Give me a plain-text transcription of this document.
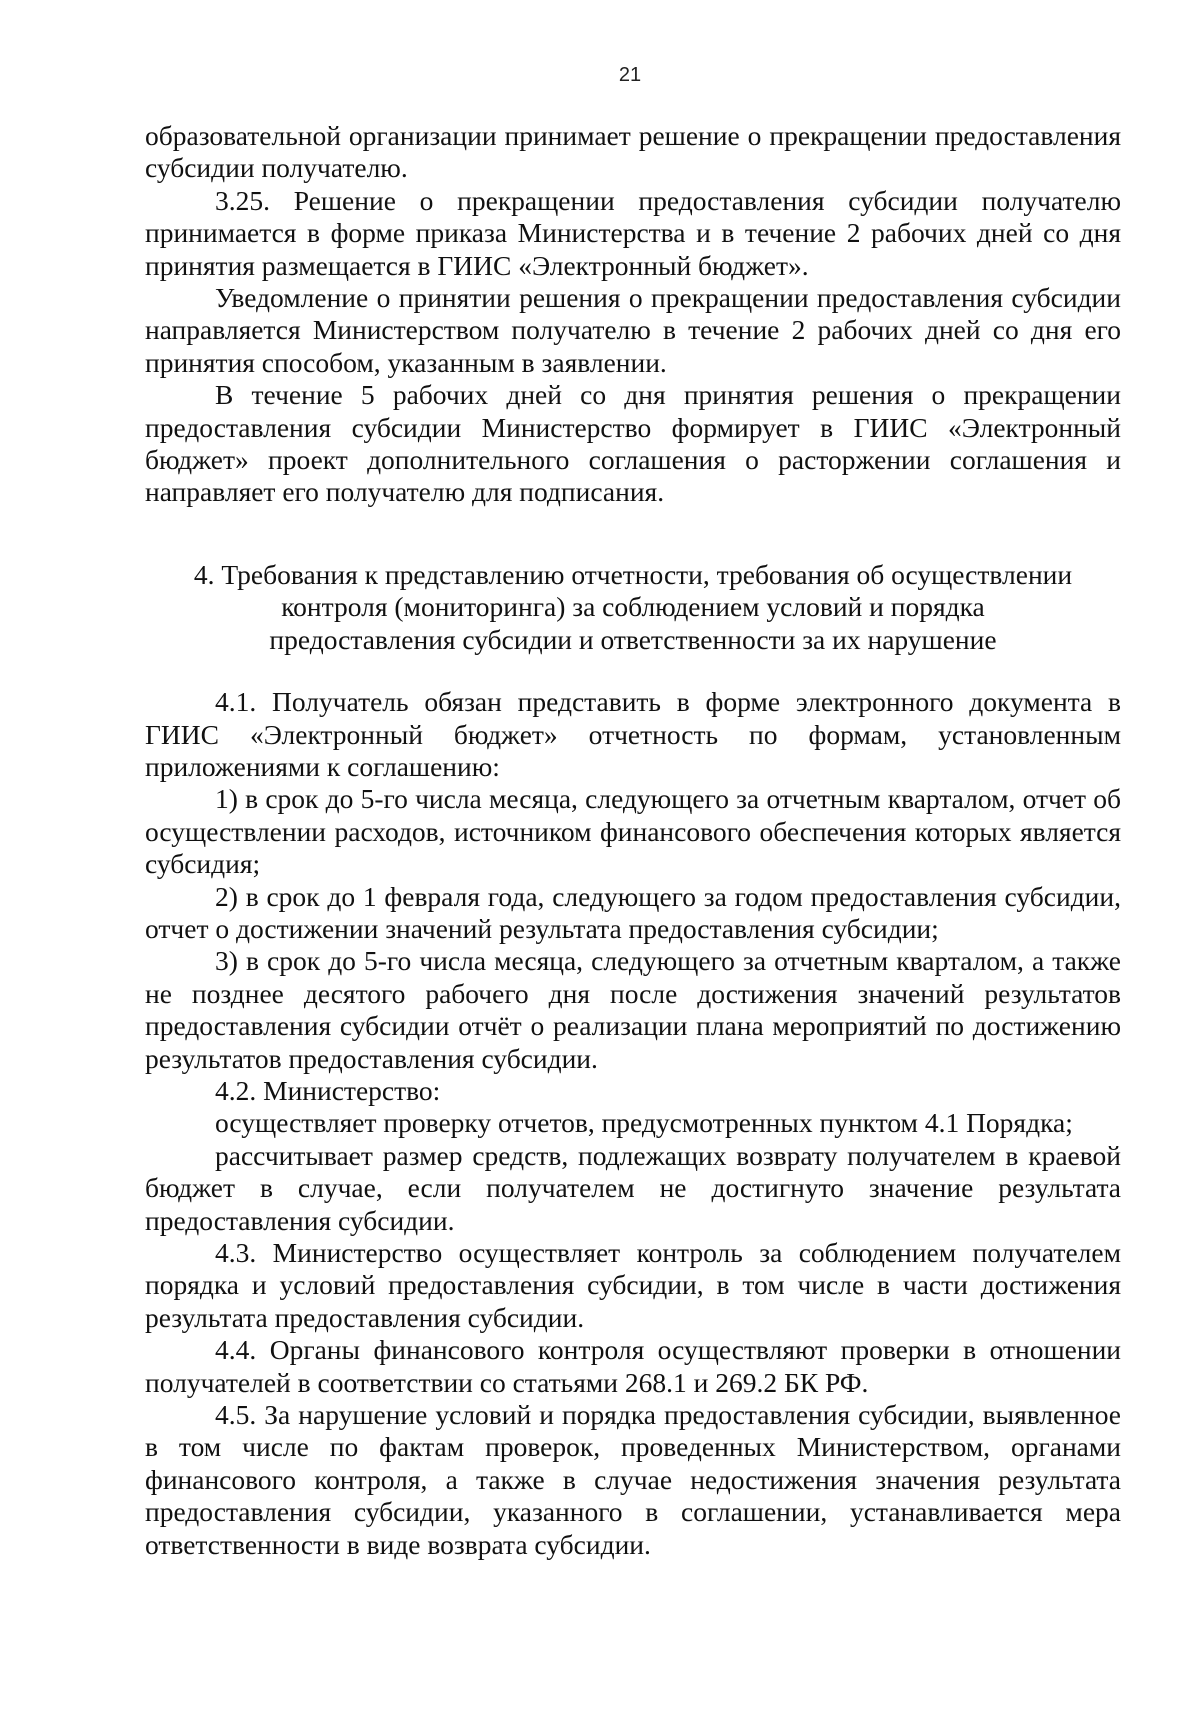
21

образовательной организации принимает решение о прекращении предоставления субсидии получателю.

3.25. Решение о прекращении предоставления субсидии получателю принимается в форме приказа Министерства и в течение 2 рабочих дней со дня принятия размещается в ГИИС «Электронный бюджет».

Уведомление о принятии решения о прекращении предоставления субсидии направляется Министерством получателю в течение 2 рабочих дней со дня его принятия способом, указанным в заявлении.

В течение 5 рабочих дней со дня принятия решения о прекращении предоставления субсидии Министерство формирует в ГИИС «Электронный бюджет» проект дополнительного соглашения о расторжении соглашения и направляет его получателю для подписания.

4. Требования к представлению отчетности, требования об осуществлении
контроля (мониторинга) за соблюдением условий и порядка
предоставления субсидии и ответственности за их нарушение

4.1. Получатель обязан представить в форме электронного документа в ГИИС «Электронный бюджет» отчетность по формам, установленным приложениями к соглашению:

1) в срок до 5-го числа месяца, следующего за отчетным кварталом, отчет об осуществлении расходов, источником финансового обеспечения которых является субсидия;

2) в срок до 1 февраля года, следующего за годом предоставления субсидии, отчет о достижении значений результата предоставления субсидии;

3) в срок до 5-го числа месяца, следующего за отчетным кварталом, а также не позднее десятого рабочего дня после достижения значений результатов предоставления субсидии отчёт о реализации плана мероприятий по достижению результатов предоставления субсидии.

4.2. Министерство:

осуществляет проверку отчетов, предусмотренных пунктом 4.1 Порядка;

рассчитывает размер средств, подлежащих возврату получателем в краевой бюджет в случае, если получателем не достигнуто значение результата предоставления субсидии.

4.3. Министерство осуществляет контроль за соблюдением получателем порядка и условий предоставления субсидии, в том числе в части достижения результата предоставления субсидии.

4.4. Органы финансового контроля осуществляют проверки в отношении получателей в соответствии со статьями 268.1 и 269.2 БК РФ.

4.5. За нарушение условий и порядка предоставления субсидии, выявленное в том числе по фактам проверок, проведенных Министерством, органами финансового контроля, а также в случае недостижения значения результата предоставления субсидии, указанного в соглашении, устанавливается мера ответственности в виде возврата субсидии.
